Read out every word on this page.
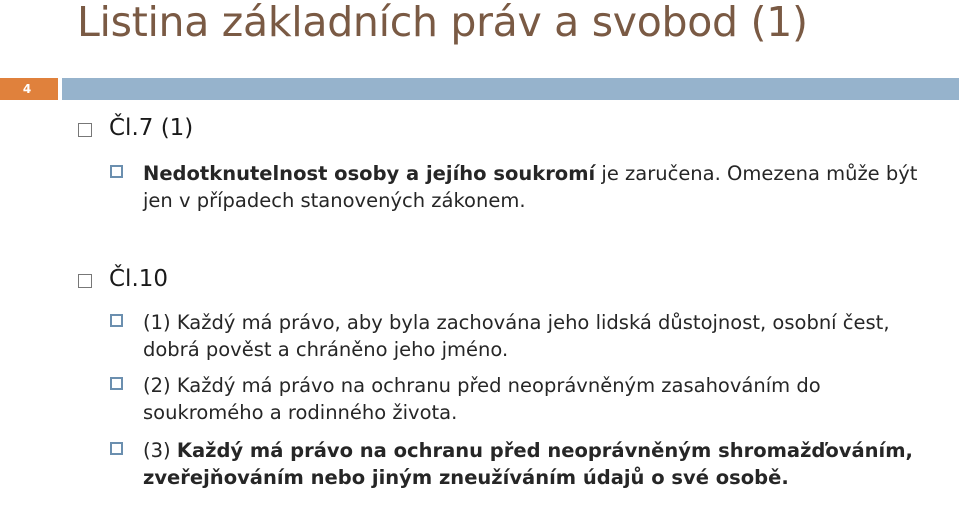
Listina základních práv a svobod (1)
4
Čl.7 (1)
Nedotknutelnost osoby a jejího soukromí je zaručena. Omezena může být jen v případech stanovených zákonem.
Čl.10
(1) Každý má právo, aby byla zachována jeho lidská důstojnost, osobní čest, dobrá pověst a chráněno jeho jméno.
(2) Každý má právo na ochranu před neoprávněným zasahováním do soukromého a rodinného života.
(3) Každý má právo na ochranu před neoprávněným shromažďováním, zveřejňováním nebo jiným zneužíváním údajů o své osobě.
